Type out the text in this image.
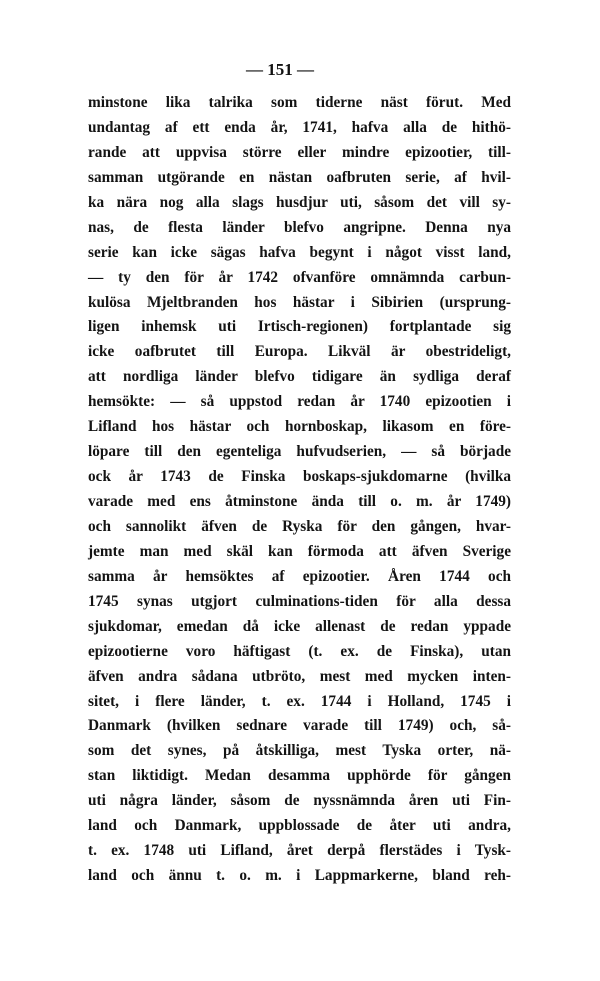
— 151 —
minstone lika talrika som tiderne näst förut. Med
undantag af ett enda år, 1741, hafva alla de hithö-
rande att uppvisa större eller mindre epizootier, till-
samman utgörande en nästan oafbruten serie, af hvil-
ka nära nog alla slags husdjur uti, såsom det vill sy-
nas, de flesta länder blefvo angripne. Denna nya
serie kan icke sägas hafva begynt i något visst land,
— ty den för år 1742 ofvanföre omnämnda carbun-
kulösa Mjeltbranden hos hästar i Sibirien (ursprung-
ligen inhemsk uti Irtisch-regionen) fortplantade sig
icke oafbrutet till Europa. Likväl är obestrideligt,
att nordliga länder blefvo tidigare än sydliga deraf
hemsökte: — så uppstod redan år 1740 epizootien i
Lifland hos hästar och hornboskap, likasom en före-
löpare till den egenteliga hufvudserien, — så började
ock år 1743 de Finska boskaps-sjukdomarne (hvilka
varade med ens åtminstone ända till o. m. år 1749)
och sannolikt äfven de Ryska för den gången, hvar-
jemte man med skäl kan förmoda att äfven Sverige
samma år hemsöktes af epizootier. Åren 1744 och
1745 synas utgjort culminations-tiden för alla dessa
sjukdomar, emedan då icke allenast de redan yppade
epizootierne voro häftigast (t. ex. de Finska), utan
äfven andra sådana utbröto, mest med mycken inten-
sitet, i flere länder, t. ex. 1744 i Holland, 1745 i
Danmark (hvilken sednare varade till 1749) och, så-
som det synes, på åtskilliga, mest Tyska orter, nä-
stan liktidigt. Medan desamma upphörde för gången
uti några länder, såsom de nyssnämnda åren uti Fin-
land och Danmark, uppblossade de åter uti andra,
t. ex. 1748 uti Lifland, året derpå flerstädes i Tysk-
land och ännu t. o. m. i Lappmarkerne, bland reh-
